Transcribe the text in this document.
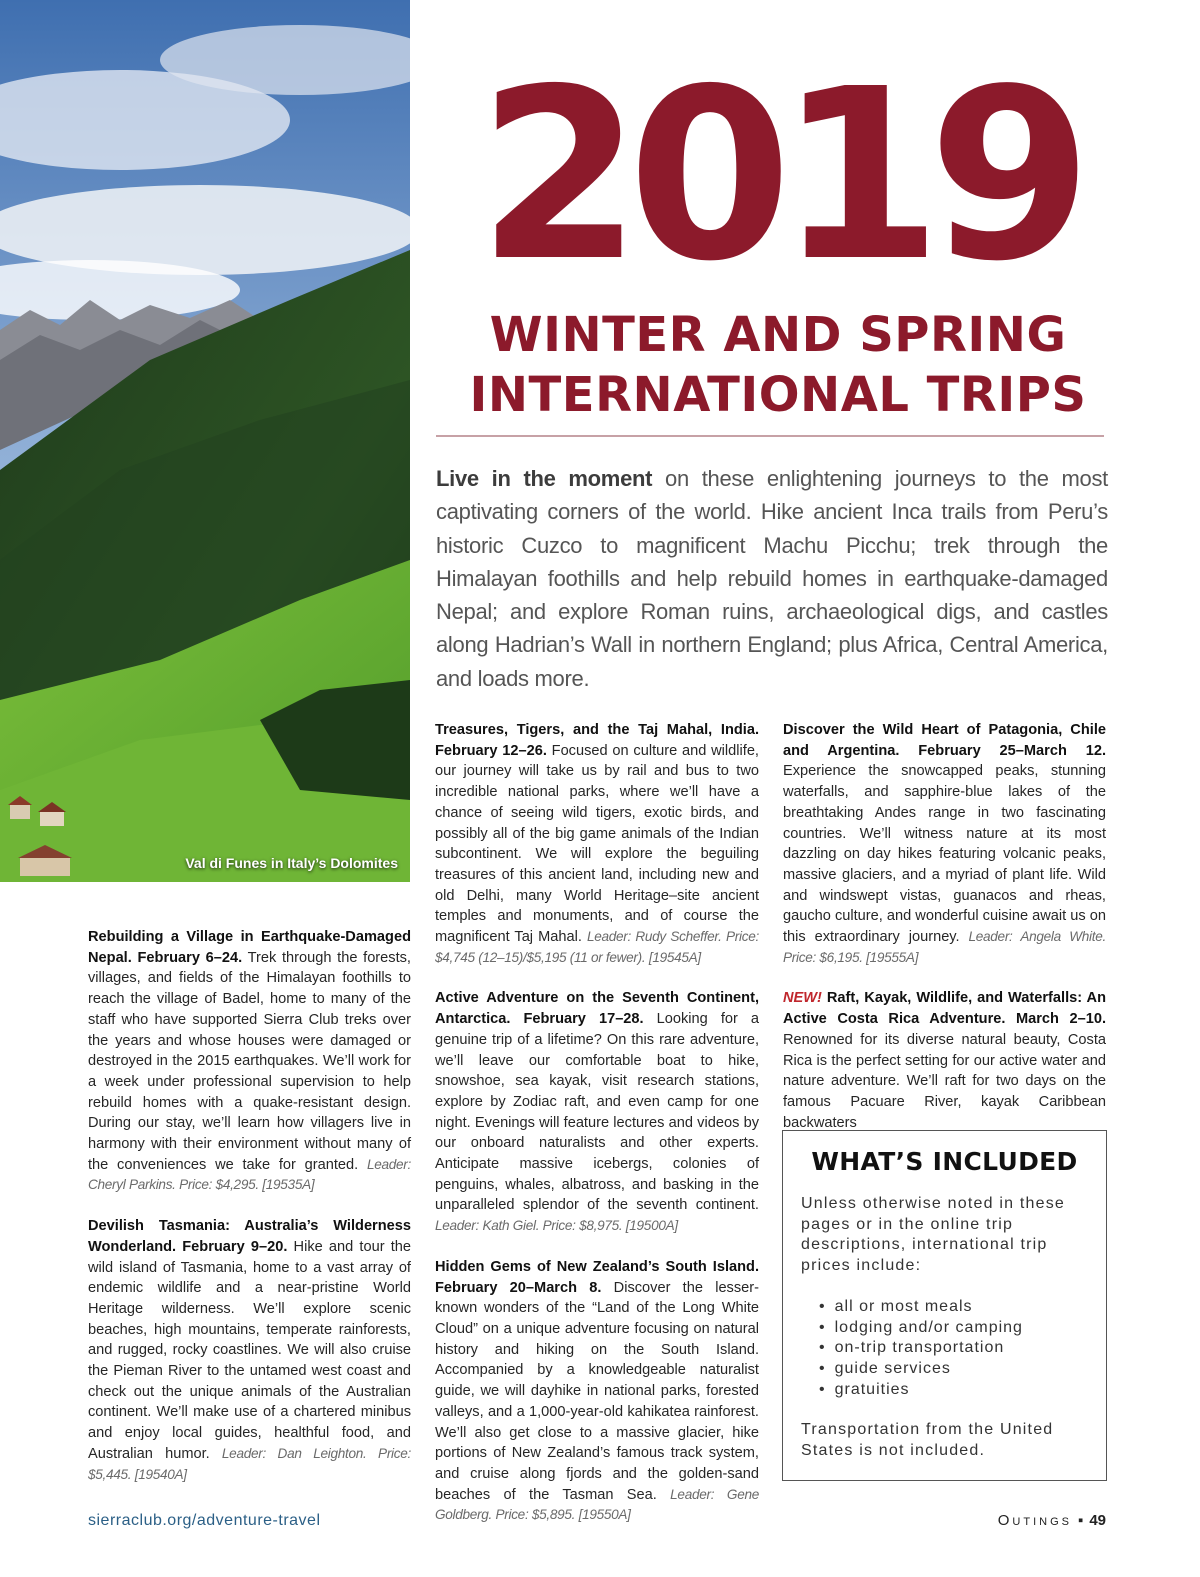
Val di Funes in Italy’s Dolomites
2019
WINTER AND SPRING
INTERNATIONAL TRIPS
Live in the moment on these enlightening journeys to the most captivating corners of the world. Hike ancient Inca trails from Peru’s historic Cuzco to magnificent Machu Picchu; trek through the Himalayan foothills and help rebuild homes in earthquake-damaged Nepal; and explore Roman ruins, archaeological digs, and castles along Hadrian’s Wall in northern England; plus Africa, Central America, and loads more.
Rebuilding a Village in Earthquake-Damaged Nepal. February 6–24. Trek through the forests, villages, and fields of the Himalayan foothills to reach the village of Badel, home to many of the staff who have supported Sierra Club treks over the years and whose houses were damaged or destroyed in the 2015 earthquakes. We’ll work for a week under professional supervision to help rebuild homes with a quake-resistant design. During our stay, we’ll learn how villagers live in harmony with their environment without many of the conveniences we take for granted. Leader: Cheryl Parkins. Price: $4,295. [19535A]
Devilish Tasmania: Australia’s Wilderness Wonderland. February 9–20. Hike and tour the wild island of Tasmania, home to a vast array of endemic wildlife and a near-pristine World Heritage wilderness. We’ll explore scenic beaches, high mountains, temperate rainforests, and rugged, rocky coastlines. We will also cruise the Pieman River to the untamed west coast and check out the unique animals of the Australian continent. We’ll make use of a chartered minibus and enjoy local guides, healthful food, and Australian humor. Leader: Dan Leighton. Price: $5,445. [19540A]
Treasures, Tigers, and the Taj Mahal, India. February 12–26. Focused on culture and wildlife, our journey will take us by rail and bus to two incredible national parks, where we’ll have a chance of seeing wild tigers, exotic birds, and possibly all of the big game animals of the Indian subcontinent. We will explore the beguiling treasures of this ancient land, including new and old Delhi, many World Heritage–site ancient temples and monuments, and of course the magnificent Taj Mahal. Leader: Rudy Scheffer. Price: $4,745 (12–15)/$5,195 (11 or fewer). [19545A]
Active Adventure on the Seventh Continent, Antarctica. February 17–28. Looking for a genuine trip of a lifetime? On this rare adventure, we’ll leave our comfortable boat to hike, snowshoe, sea kayak, visit research stations, explore by Zodiac raft, and even camp for one night. Evenings will feature lectures and videos by our onboard naturalists and other experts. Anticipate massive icebergs, colonies of penguins, whales, albatross, and basking in the unparalleled splendor of the seventh continent. Leader: Kath Giel. Price: $8,975. [19500A]
Hidden Gems of New Zealand’s South Island. February 20–March 8. Discover the lesser-known wonders of the “Land of the Long White Cloud” on a unique adventure focusing on natural history and hiking on the South Island. Accompanied by a knowledgeable naturalist guide, we will dayhike in national parks, forested valleys, and a 1,000-year-old kahikatea rainforest. We’ll also get close to a massive glacier, hike portions of New Zealand’s famous track system, and cruise along fjords and the golden-sand beaches of the Tasman Sea. Leader: Gene Goldberg. Price: $5,895. [19550A]
Discover the Wild Heart of Patagonia, Chile and Argentina. February 25–March 12. Experience the snowcapped peaks, stunning waterfalls, and sapphire-blue lakes of the breathtaking Andes range in two fascinating countries. We’ll witness nature at its most dazzling on day hikes featuring volcanic peaks, massive glaciers, and a myriad of plant life. Wild and windswept vistas, guanacos and rheas, gaucho culture, and wonderful cuisine await us on this extraordinary journey. Leader: Angela White. Price: $6,195. [19555A]
NEW! Raft, Kayak, Wildlife, and Waterfalls: An Active Costa Rica Adventure. March 2–10. Renowned for its diverse natural beauty, Costa Rica is the perfect setting for our active water and nature adventure. We’ll raft for two days on the famous Pacuare River, kayak Caribbean backwaters
WHAT’S INCLUDED

Unless otherwise noted in these pages or in the online trip descriptions, international trip prices include:

• all or most meals
• lodging and/or camping
• on-trip transportation
• guide services
• gratuities

Transportation from the United States is not included.

sierraclub.org/adventure-travel	Outings ▪ 49
